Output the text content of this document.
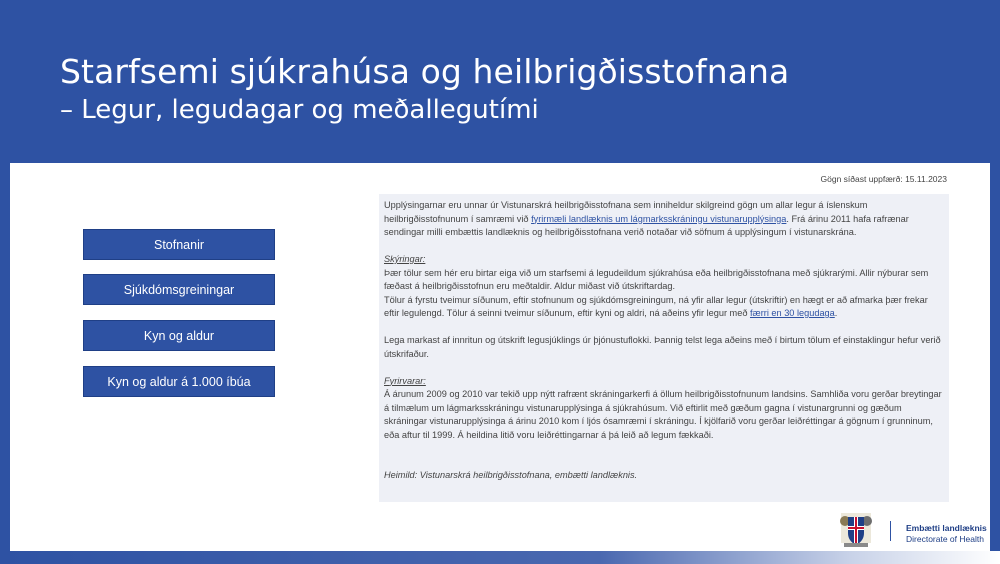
Starfsemi sjúkrahúsa og heilbrigðisstofnana
– Legur, legudagar og meðallegutími
Gögn síðast uppfærð: 15.11.2023
Stofnanir
Sjúkdómsgreiningar
Kyn og aldur
Kyn og aldur á 1.000 íbúa

Upplýsingarnar eru unnar úr Vistunarskrá heilbrigðisstofnana sem inniheldur skilgreind gögn um allar legur á íslenskum heilbrigðisstofnunum í samræmi við fyrirmæli landlæknis um lágmarksskráningu vistunarupplýsinga. Frá árinu 2011 hafa rafrænar sendingar milli embættis landlæknis og heilbrigðisstofnana verið notaðar við söfnum á upplýsingum í vistunarskrána.

Skýringar:

Þær tölur sem hér eru birtar eiga við um starfsemi á legudeildum sjúkrahúsa eða heilbrigðisstofnana með sjúkrarými. Allir nýburar sem fæðast á heilbrigðisstofnun eru meðtaldir. Aldur miðast við útskriftardag.

Tölur á fyrstu tveimur síðunum, eftir stofnunum og sjúkdómsgreiningum, ná yfir allar legur (útskriftir) en hægt er að afmarka þær frekar eftir legulengd. Tölur á seinni tveimur síðunum, eftir kyni og aldri, ná aðeins yfir legur með færri en 30 legudaga.

Lega markast af innritun og útskrift legusjúklings úr þjónustuflokki. Þannig telst lega aðeins með í birtum tölum ef einstaklingur hefur verið útskrifaður.

Fyrirvarar:

Á árunum 2009 og 2010 var tekið upp nýtt rafrænt skráningarkerfi á öllum heilbrigðisstofnunum landsins. Samhliða voru gerðar breytingar á tilmælum um lágmarksskráningu vistunarupplýsinga á sjúkrahúsum. Við eftirlit með gæðum gagna í vistunargrunni og gæðum skráningar vistunarupplýsinga á árinu 2010 kom í ljós ósamræmi í skráningu. Í kjölfarið voru gerðar leiðréttingar á gögnum í grunninum, eða aftur til 1999. Á heildina litið voru leiðréttingarnar á þá leið að legum fækkaði.

Heimild: Vistunarskrá heilbrigðisstofnana, embætti landlæknis.

Embætti landlæknis
Directorate of Health
